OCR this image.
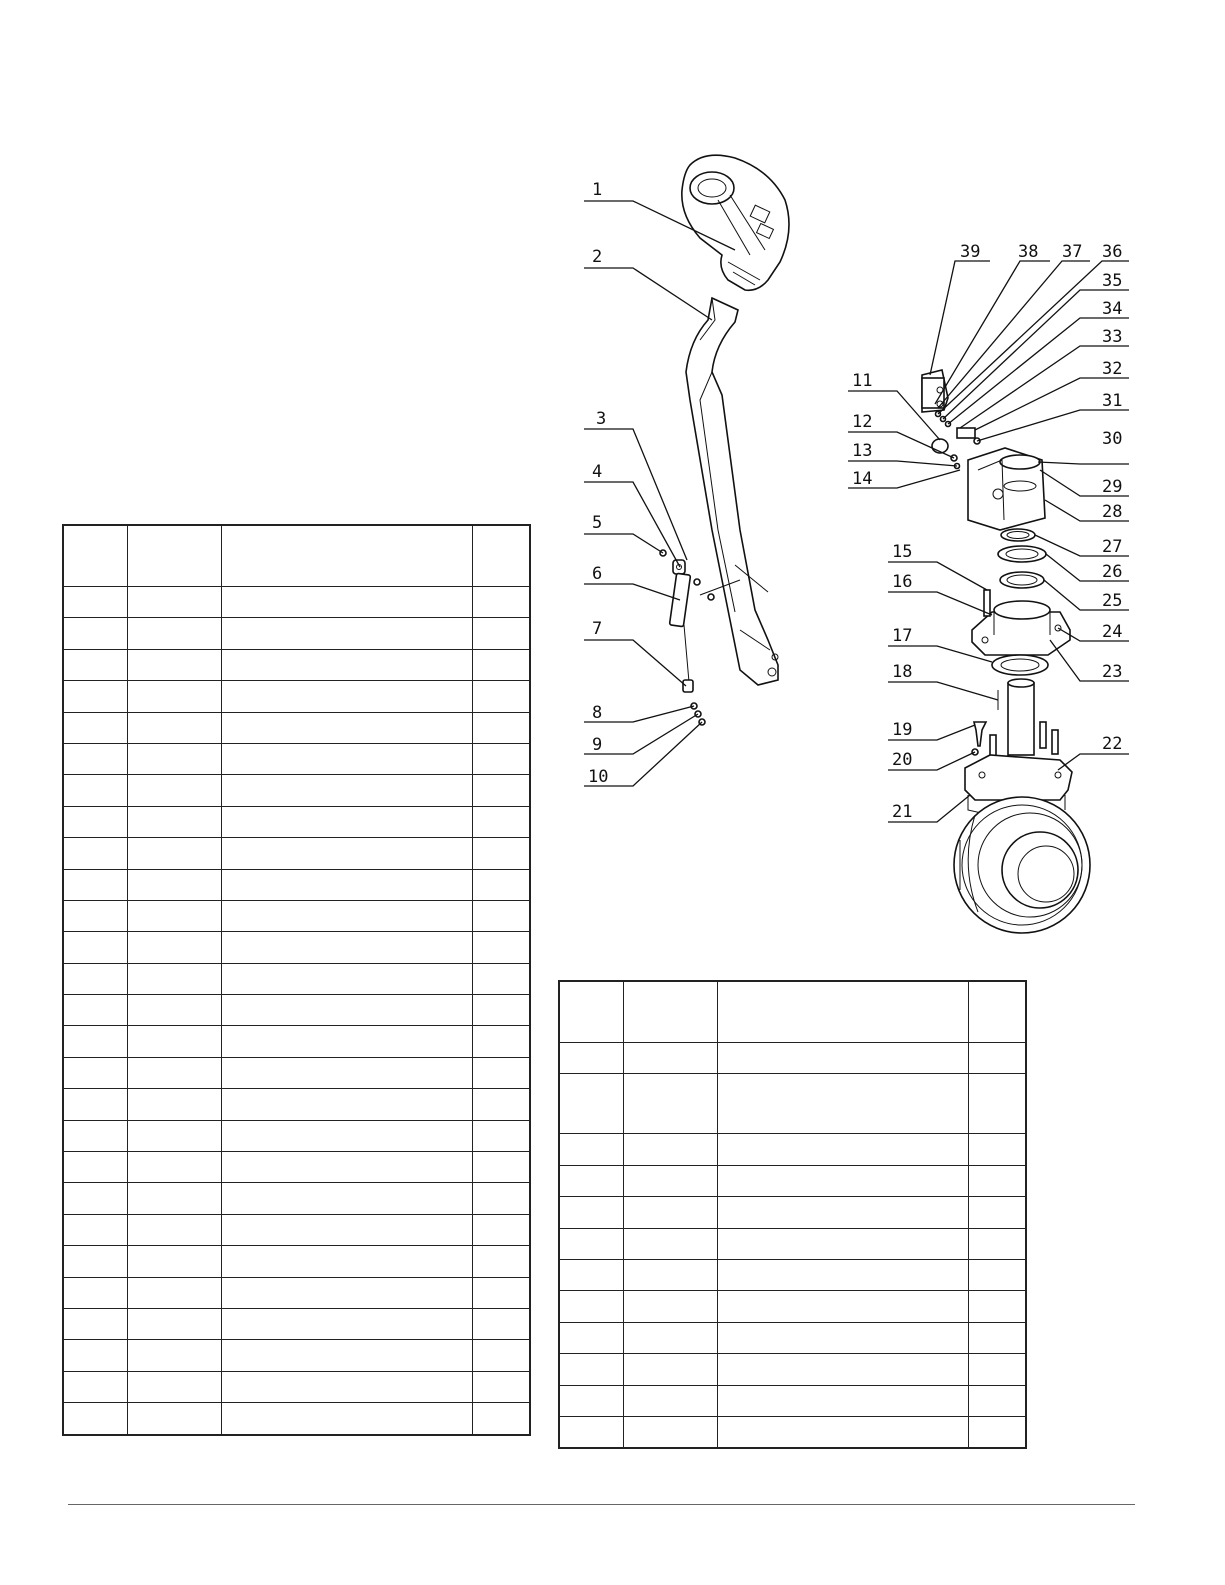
1
2
3
4
5
6
7
8
9
10
11
12
13
14
15
16
17
18
19
20
21
22
23
24
25
26
27
28
29
30
31
32
33
34
35
36
37
38
39
